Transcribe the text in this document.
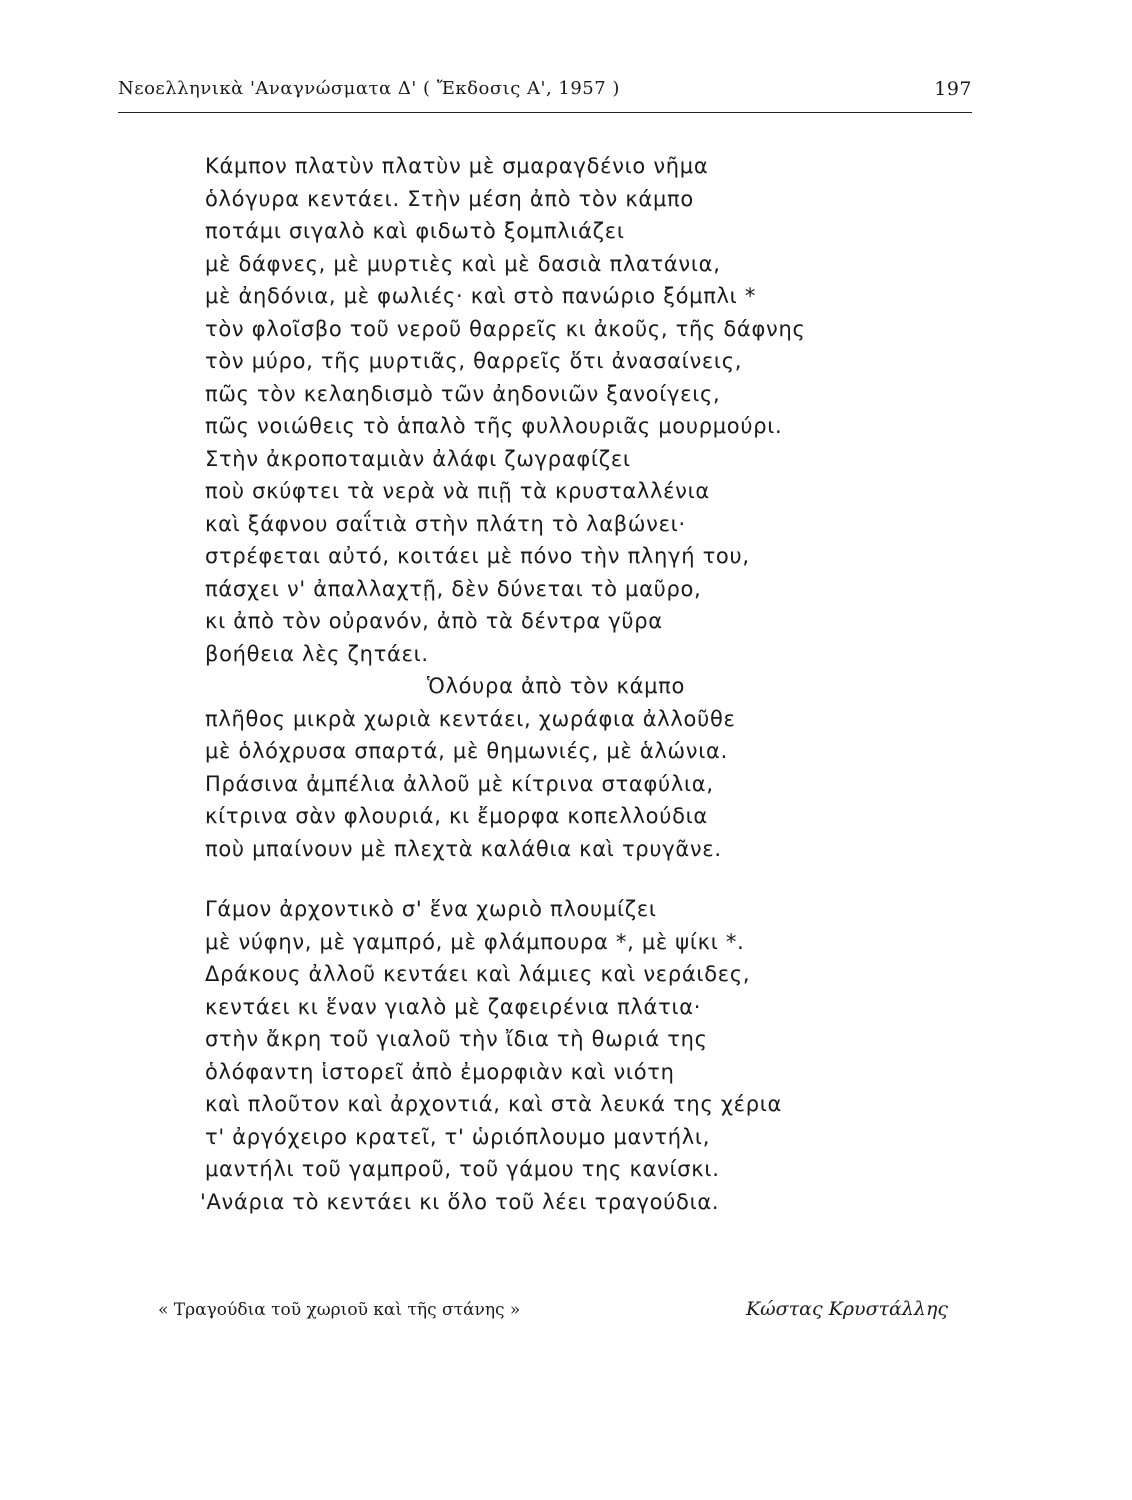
Νεοελληνικὰ 'Αναγνώσματα Δ' ( Ἔκδοσις Α', 1957 )	197
Κάμπον πλατὺν πλατὺν μὲ σμαραγδένιο νῆμα
ὁλόγυρα κεντάει. Στὴν μέση ἀπὸ τὸν κάμπο
ποτάμι σιγαλὸ καὶ φιδωτὸ ξομπλιάζει
μὲ δάφνες, μὲ μυρτιὲς καὶ μὲ δασιὰ πλατάνια,
μὲ ἀηδόνια, μὲ φωλιές· καὶ στὸ πανώριο ξόμπλι *
τὸν φλοῖσβο τοῦ νεροῦ θαρρεῖς κι ἀκοῦς, τῆς δάφνης
τὸν μύρο, τῆς μυρτιᾶς, θαρρεῖς ὅτι ἀνασαίνεις,
πῶς τὸν κελαηδισμὸ τῶν ἀηδονιῶν ξανοίγεις,
πῶς νοιώθεις τὸ ἁπαλὸ τῆς φυλλουριᾶς μουρμούρι.
Στὴν ἀκροποταμιὰν ἀλάφι ζωγραφίζει
ποὺ σκύφτει τὰ νερὰ νὰ πιῇ τὰ κρυσταλλένια
καὶ ξάφνου σαΐτιὰ στὴν πλάτη τὸ λαβώνει·
στρέφεται αὐτό, κοιτάει μὲ πόνο τὴν πληγή του,
πάσχει ν' ἀπαλλαχτῇ, δὲν δύνεται τὸ μαῦρο,
κι ἀπὸ τὸν οὐρανόν, ἀπὸ τὰ δέντρα γῦρα
βοήθεια λὲς ζητάει.
Ὁλόυρα ἀπὸ τὸν κάμπο
πλῆθος μικρὰ χωριὰ κεντάει, χωράφια ἀλλοῦθε
μὲ ὁλόχρυσα σπαρτά, μὲ θημωνιές, μὲ ἁλώνια.
Πράσινα ἀμπέλια ἀλλοῦ μὲ κίτρινα σταφύλια,
κίτρινα σὰν φλουριά, κι ἔμορφα κοπελλούδια
ποὺ μπαίνουν μὲ πλεχτὰ καλάθια καὶ τρυγᾶνε.
Γάμον ἀρχοντικὸ σ' ἕνα χωριὸ πλουμίζει
μὲ νύφην, μὲ γαμπρό, μὲ φλάμπουρα *, μὲ ψίκι *.
Δράκους ἀλλοῦ κεντάει καὶ λάμιες καὶ νεράιδες,
κεντάει κι ἕναν γιαλὸ μὲ ζαφειρένια πλάτια·
στὴν ἄκρη τοῦ γιαλοῦ τὴν ἴδια τὴ θωριά της
ὁλόφαντη ἱστορεῖ ἀπὸ ἐμορφιὰν καὶ νιότη
καὶ πλοῦτον καὶ ἀρχοντιά, καὶ στὰ λευκά της χέρια
τ' ἀργόχειρο κρατεῖ, τ' ὡριόπλουμο μαντήλι,
μαντήλι τοῦ γαμπροῦ, τοῦ γάμου της κανίσκι.
'Ανάρια τὸ κεντάει κι ὅλο τοῦ λέει τραγούδια.
« Τραγούδια τοῦ χωριοῦ καὶ τῆς στάνης »	Κώστας Κρυστάλλης
